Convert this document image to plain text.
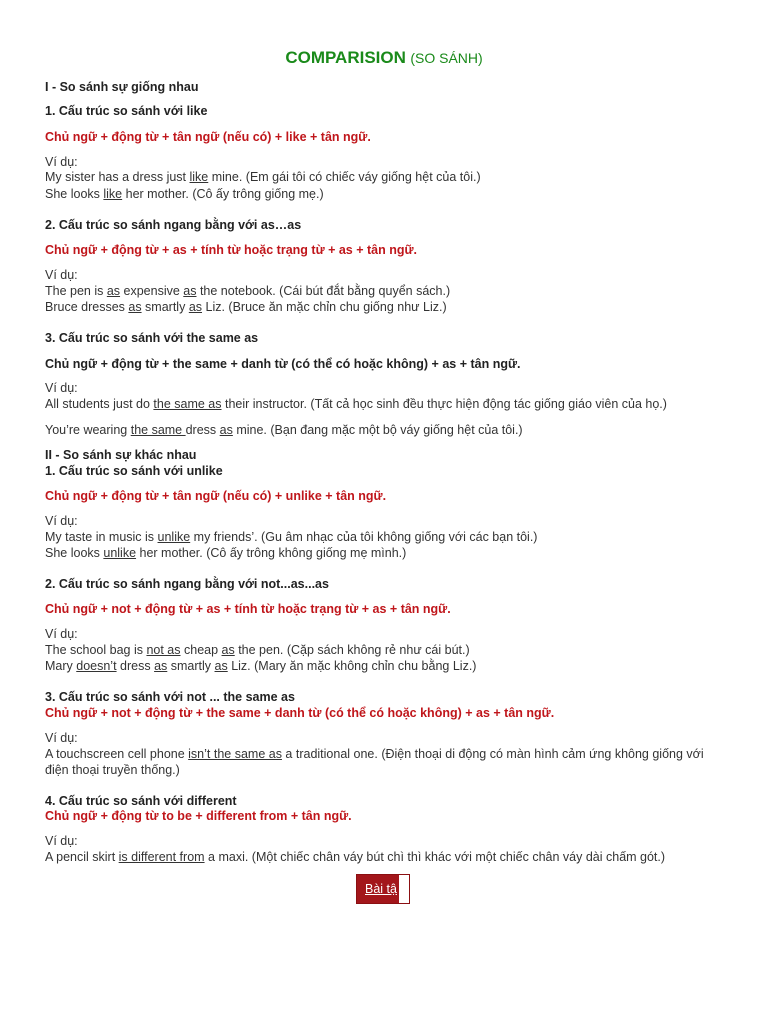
COMPARISION (SO SÁNH)
I - So sánh sự giống nhau
1. Cấu trúc so sánh với like
Chủ ngữ + động từ + tân ngữ (nếu có) + like + tân ngữ.
Ví dụ:
My sister has a dress just like mine. (Em gái tôi có chiếc váy giống hệt của tôi.)
She looks like her mother. (Cô ấy trông giống mẹ.)
2. Cấu trúc so sánh ngang bằng với as…as
Chủ ngữ + động từ + as + tính từ hoặc trạng từ + as + tân ngữ.
Ví dụ:
The pen is as expensive as the notebook. (Cái bút đắt bằng quyển sách.)
Bruce dresses as smartly as Liz. (Bruce ăn mặc chỉn chu giống như Liz.)
3. Cấu trúc so sánh với the same as
Chủ ngữ + động từ + the same + danh từ (có thể có hoặc không) + as + tân ngữ.
Ví dụ:
All students just do the same as their instructor. (Tất cả học sinh đều thực hiện động tác giống giáo viên của họ.)
You’re wearing the same dress as mine. (Bạn đang mặc một bộ váy giống hệt của tôi.)
II - So sánh sự khác nhau
1. Cấu trúc so sánh với unlike
Chủ ngữ + động từ + tân ngữ (nếu có) + unlike + tân ngữ.
Ví dụ:
My taste in music is unlike my friends’. (Gu âm nhạc của tôi không giống với các bạn tôi.)
She looks unlike her mother. (Cô ấy trông không giống mẹ mình.)
2. Cấu trúc so sánh ngang bằng với not...as...as
Chủ ngữ + not + động từ + as + tính từ hoặc trạng từ + as + tân ngữ.
Ví dụ:
The school bag is not as cheap as the pen. (Cặp sách không rẻ như cái bút.)
Mary doesn’t dress as smartly as Liz. (Mary ăn mặc không chỉn chu bằng Liz.)
3. Cấu trúc so sánh với not ... the same as
Chủ ngữ + not + động từ + the same + danh từ (có thể có hoặc không) + as + tân ngữ.
Ví dụ:
A touchscreen cell phone isn’t the same as a traditional one. (Điện thoại di động có màn hình cảm ứng không giống với điện thoại truyền thống.)
4. Cấu trúc so sánh với different
Chủ ngữ + động từ to be + different from + tân ngữ.
Ví dụ:
A pencil skirt is different from a maxi. (Một chiếc chân váy bút chì thì khác với một chiếc chân váy dài chấm gót.)
Bài tậ
